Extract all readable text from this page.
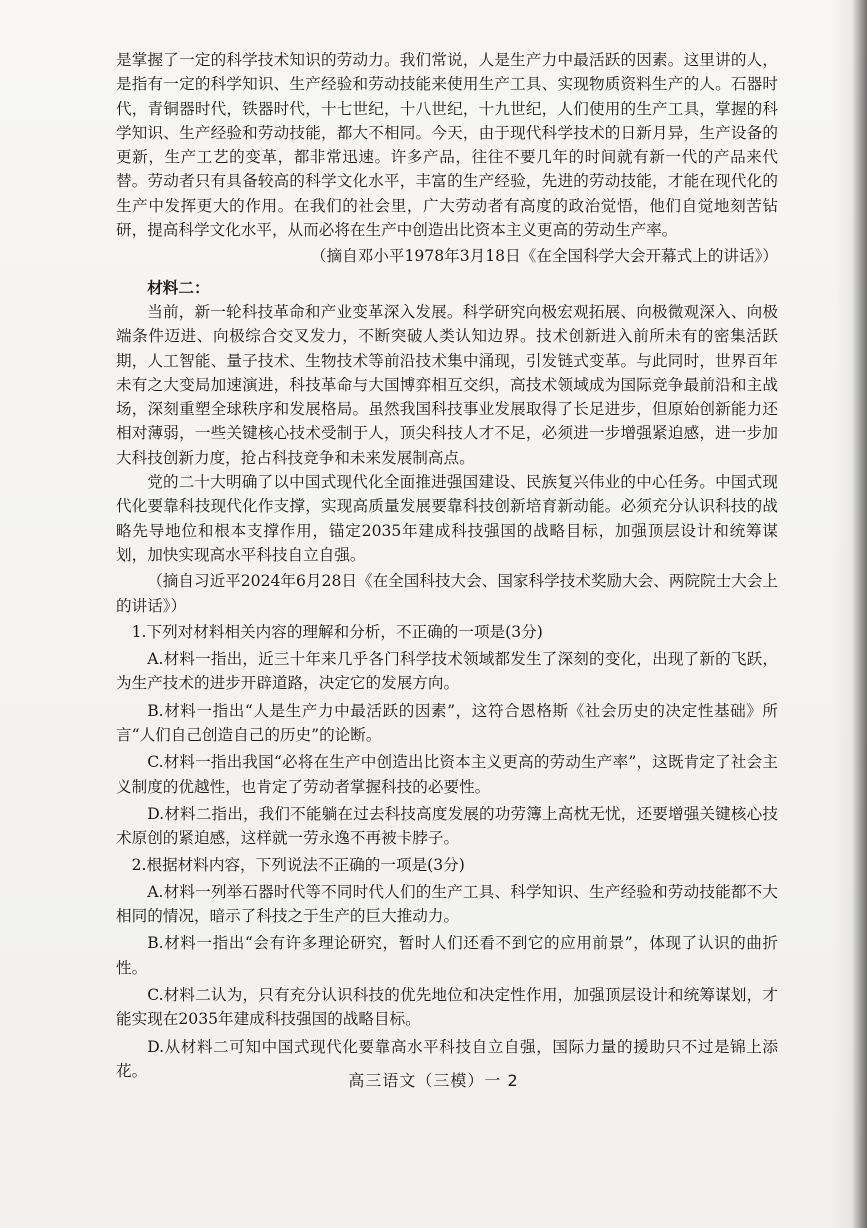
是掌握了一定的科学技术知识的劳动力。我们常说，人是生产力中最活跃的因素。这里讲的人，是指有一定的科学知识、生产经验和劳动技能来使用生产工具、实现物质资料生产的人。石器时代，青铜器时代，铁器时代，十七世纪，十八世纪，十九世纪，人们使用的生产工具，掌握的科学知识、生产经验和劳动技能，都大不相同。今天，由于现代科学技术的日新月异，生产设备的更新，生产工艺的变革，都非常迅速。许多产品，往往不要几年的时间就有新一代的产品来代替。劳动者只有具备较高的科学文化水平，丰富的生产经验，先进的劳动技能，才能在现代化的生产中发挥更大的作用。在我们的社会里，广大劳动者有高度的政治觉悟，他们自觉地刻苦钻研，提高科学文化水平，从而必将在生产中创造出比资本主义更高的劳动生产率。

（摘自邓小平1978年3月18日《在全国科学大会开幕式上的讲话》）

材料二：

当前，新一轮科技革命和产业变革深入发展。科学研究向极宏观拓展、向极微观深入、向极端条件迈进、向极综合交叉发力，不断突破人类认知边界。技术创新进入前所未有的密集活跃期，人工智能、量子技术、生物技术等前沿技术集中涌现，引发链式变革。与此同时，世界百年未有之大变局加速演进，科技革命与大国博弈相互交织，高技术领域成为国际竞争最前沿和主战场，深刻重塑全球秩序和发展格局。虽然我国科技事业发展取得了长足进步，但原始创新能力还相对薄弱，一些关键核心技术受制于人，顶尖科技人才不足，必须进一步增强紧迫感，进一步加大科技创新力度，抢占科技竞争和未来发展制高点。

党的二十大明确了以中国式现代化全面推进强国建设、民族复兴伟业的中心任务。中国式现代化要靠科技现代化作支撑，实现高质量发展要靠科技创新培育新动能。必须充分认识科技的战略先导地位和根本支撑作用，锚定2035年建成科技强国的战略目标，加强顶层设计和统筹谋划，加快实现高水平科技自立自强。

（摘自习近平2024年6月28日《在全国科技大会、国家科学技术奖励大会、两院院士大会上的讲话》）

1.下列对材料相关内容的理解和分析，不正确的一项是(3分)

A.材料一指出，近三十年来几乎各门科学技术领域都发生了深刻的变化，出现了新的飞跃，为生产技术的进步开辟道路，决定它的发展方向。

B.材料一指出“人是生产力中最活跃的因素”，这符合恩格斯《社会历史的决定性基础》所言“人们自己创造自己的历史”的论断。

C.材料一指出我国“必将在生产中创造出比资本主义更高的劳动生产率”，这既肯定了社会主义制度的优越性，也肯定了劳动者掌握科技的必要性。

D.材料二指出，我们不能躺在过去科技高度发展的功劳簿上高枕无忧，还要增强关键核心技术原创的紧迫感，这样就一劳永逸不再被卡脖子。

2.根据材料内容，下列说法不正确的一项是(3分)

A.材料一列举石器时代等不同时代人们的生产工具、科学知识、生产经验和劳动技能都不大相同的情况，暗示了科技之于生产的巨大推动力。

B.材料一指出“会有许多理论研究，暂时人们还看不到它的应用前景”，体现了认识的曲折性。

C.材料二认为，只有充分认识科技的优先地位和决定性作用，加强顶层设计和统筹谋划，才能实现在2035年建成科技强国的战略目标。

D.从材料二可知中国式现代化要靠高水平科技自立自强，国际力量的援助只不过是锦上添花。

高三语文（三模）一 2
